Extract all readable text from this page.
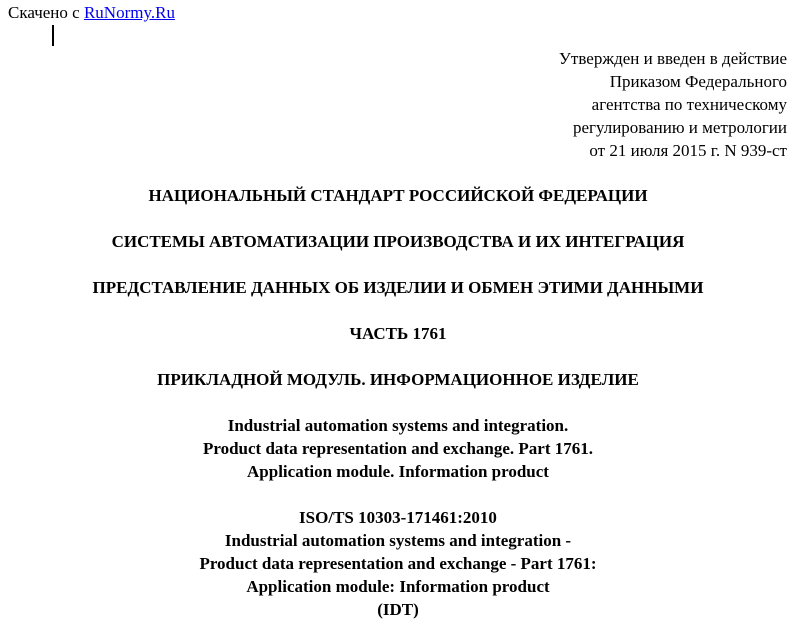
Скачено с RuNormy.Ru
Утвержден и введен в действие
Приказом Федерального
агентства по техническому
регулированию и метрологии
от 21 июля 2015 г. N 939-ст
НАЦИОНАЛЬНЫЙ СТАНДАРТ РОССИЙСКОЙ ФЕДЕРАЦИИ
СИСТЕМЫ АВТОМАТИЗАЦИИ ПРОИЗВОДСТВА И ИХ ИНТЕГРАЦИЯ
ПРЕДСТАВЛЕНИЕ ДАННЫХ ОБ ИЗДЕЛИИ И ОБМЕН ЭТИМИ ДАННЫМИ
ЧАСТЬ 1761
ПРИКЛАДНОЙ МОДУЛЬ. ИНФОРМАЦИОННОЕ ИЗДЕЛИЕ
Industrial automation systems and integration.
Product data representation and exchange. Part 1761.
Application module. Information product
ISO/TS 10303-171461:2010
Industrial automation systems and integration -
Product data representation and exchange - Part 1761:
Application module: Information product
(IDT)
